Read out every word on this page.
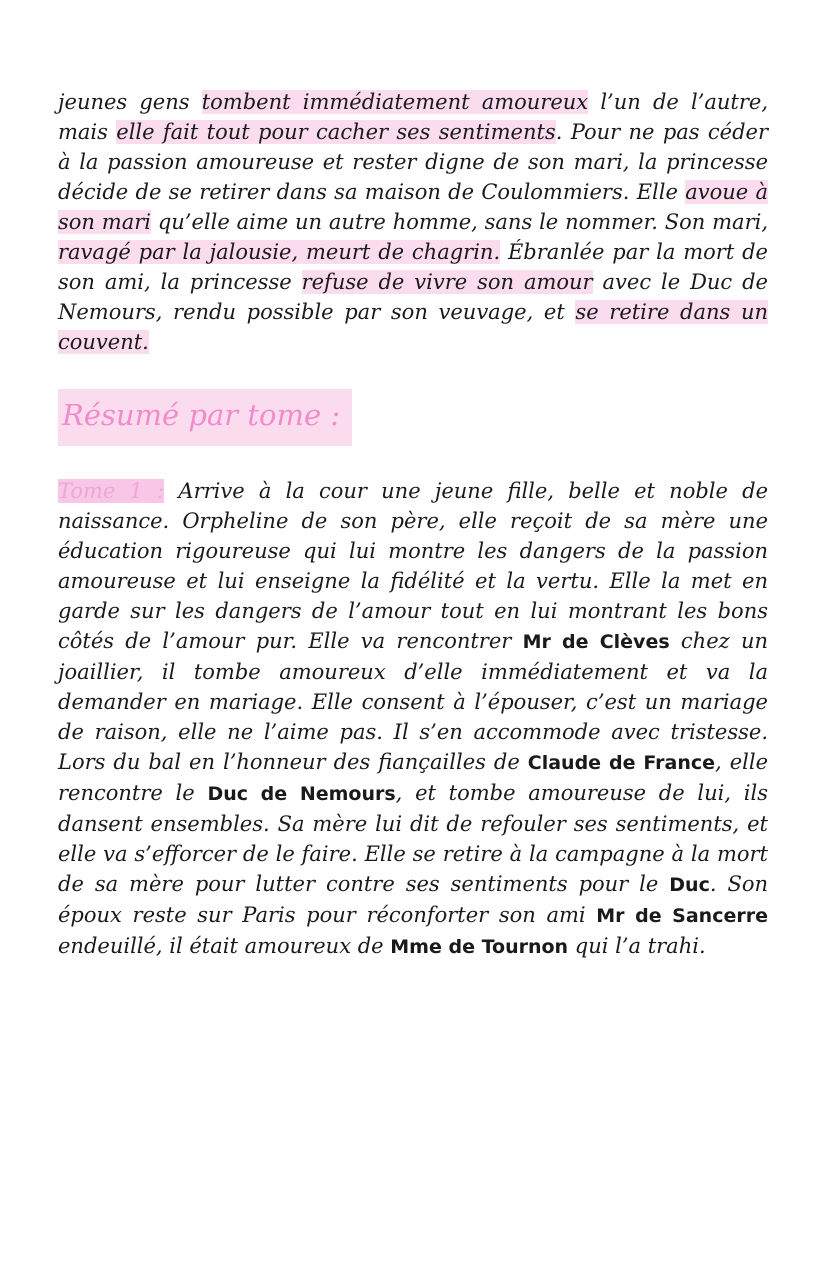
jeunes gens tombent immédiatement amoureux l’un de l’autre, mais elle fait tout pour cacher ses sentiments. Pour ne pas céder à la passion amoureuse et rester digne de son mari, la princesse décide de se retirer dans sa maison de Coulommiers. Elle avoue à son mari qu’elle aime un autre homme, sans le nommer. Son mari, ravagé par la jalousie, meurt de chagrin. Ébranlée par la mort de son ami, la princesse refuse de vivre son amour avec le Duc de Nemours, rendu possible par son veuvage, et se retire dans un couvent.

Résumé par tome :

Tome 1 : Arrive à la cour une jeune fille, belle et noble de naissance. Orpheline de son père, elle reçoit de sa mère une éducation rigoureuse qui lui montre les dangers de la passion amoureuse et lui enseigne la fidélité et la vertu. Elle la met en garde sur les dangers de l’amour tout en lui montrant les bons côtés de l’amour pur. Elle va rencontrer Mr de Clèves chez un joaillier, il tombe amoureux d’elle immédiatement et va la demander en mariage. Elle consent à l’épouser, c’est un mariage de raison, elle ne l’aime pas. Il s’en accommode avec tristesse. Lors du bal en l’honneur des fiançailles de Claude de France, elle rencontre le Duc de Nemours, et tombe amoureuse de lui, ils dansent ensembles. Sa mère lui dit de refouler ses sentiments, et elle va s’efforcer de le faire. Elle se retire à la campagne à la mort de sa mère pour lutter contre ses sentiments pour le Duc. Son époux reste sur Paris pour réconforter son ami Mr de Sancerre endeuillé, il était amoureux de Mme de Tournon qui l’a trahi.
